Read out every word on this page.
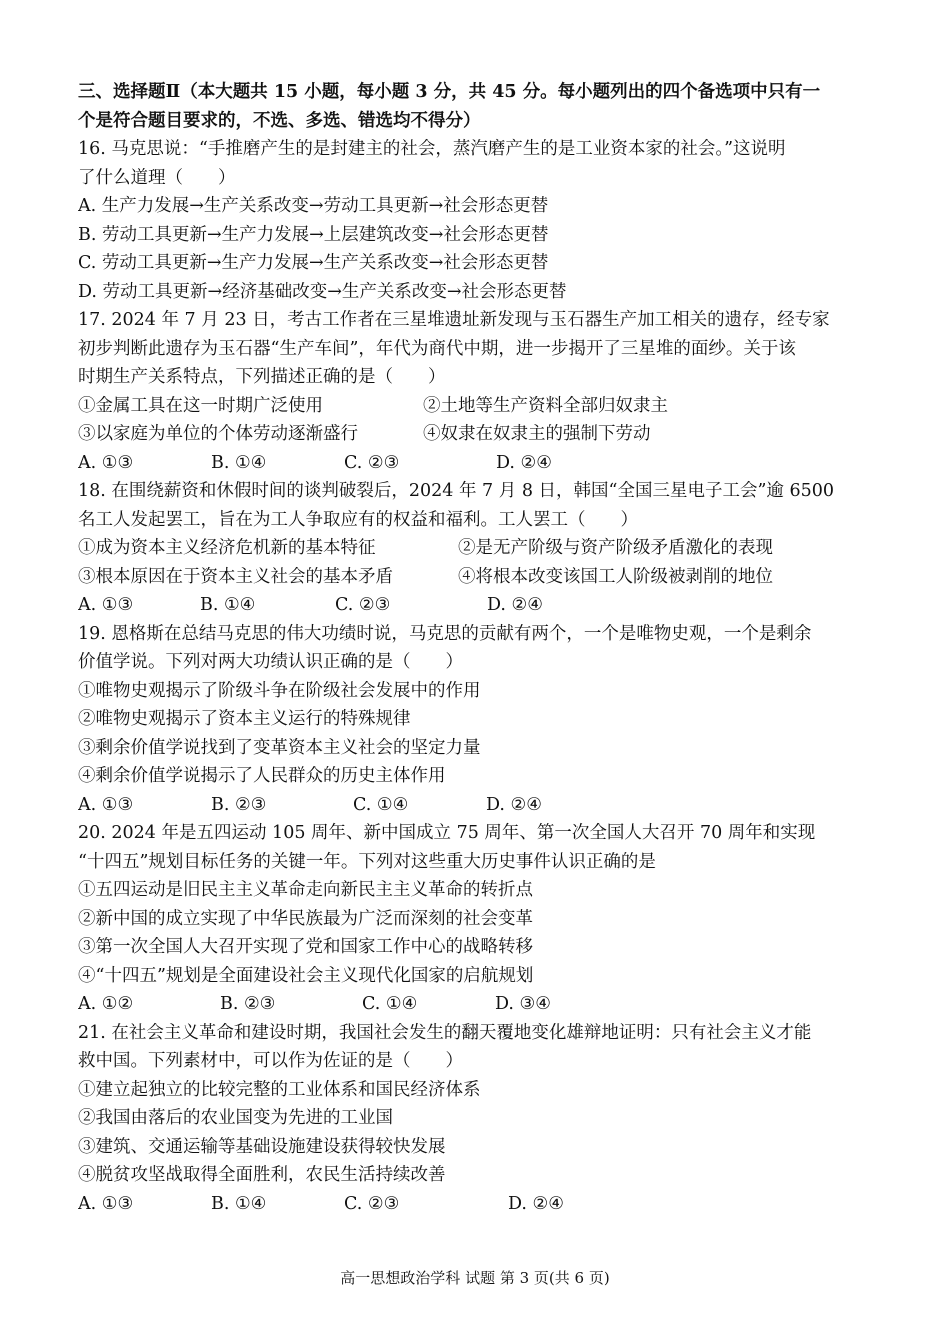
三、选择题Ⅱ（本大题共 15 小题，每小题 3 分，共 45 分。每小题列出的四个备选项中只有一
个是符合题目要求的，不选、多选、错选均不得分）
16. 马克思说：“手推磨产生的是封建主的社会，蒸汽磨产生的是工业资本家的社会。”这说明
了什么道理（　　）
A. 生产力发展→生产关系改变→劳动工具更新→社会形态更替
B. 劳动工具更新→生产力发展→上层建筑改变→社会形态更替
C. 劳动工具更新→生产力发展→生产关系改变→社会形态更替
D. 劳动工具更新→经济基础改变→生产关系改变→社会形态更替
17. 2024 年 7 月 23 日，考古工作者在三星堆遗址新发现与玉石器生产加工相关的遗存，经专家
初步判断此遗存为玉石器“生产车间”，年代为商代中期，进一步揭开了三星堆的面纱。关于该
时期生产关系特点，下列描述正确的是（　　）
①金属工具在这一时期广泛使用	②土地等生产资料全部归奴隶主
③以家庭为单位的个体劳动逐渐盛行	④奴隶在奴隶主的强制下劳动
A. ①③	B. ①④	C. ②③	D. ②④
18. 在围绕薪资和休假时间的谈判破裂后，2024 年 7 月 8 日，韩国“全国三星电子工会”逾 6500
名工人发起罢工，旨在为工人争取应有的权益和福利。工人罢工（　　）
①成为资本主义经济危机新的基本特征	②是无产阶级与资产阶级矛盾激化的表现
③根本原因在于资本主义社会的基本矛盾	④将根本改变该国工人阶级被剥削的地位
A. ①③	B. ①④	C. ②③	D. ②④
19. 恩格斯在总结马克思的伟大功绩时说，马克思的贡献有两个，一个是唯物史观，一个是剩余
价值学说。下列对两大功绩认识正确的是（　　）
①唯物史观揭示了阶级斗争在阶级社会发展中的作用
②唯物史观揭示了资本主义运行的特殊规律
③剩余价值学说找到了变革资本主义社会的坚定力量
④剩余价值学说揭示了人民群众的历史主体作用
A. ①③	B. ②③	C. ①④	D. ②④
20. 2024 年是五四运动 105 周年、新中国成立 75 周年、第一次全国人大召开 70 周年和实现
“十四五”规划目标任务的关键一年。下列对这些重大历史事件认识正确的是
①五四运动是旧民主主义革命走向新民主主义革命的转折点
②新中国的成立实现了中华民族最为广泛而深刻的社会变革
③第一次全国人大召开实现了党和国家工作中心的战略转移
④“十四五”规划是全面建设社会主义现代化国家的启航规划
A. ①②	B. ②③	C. ①④	D. ③④
21. 在社会主义革命和建设时期，我国社会发生的翻天覆地变化雄辩地证明：只有社会主义才能
救中国。下列素材中，可以作为佐证的是（　　）
①建立起独立的比较完整的工业体系和国民经济体系
②我国由落后的农业国变为先进的工业国
③建筑、交通运输等基础设施建设获得较快发展
④脱贫攻坚战取得全面胜利，农民生活持续改善
A. ①③	B. ①④	C. ②③	D. ②④
高一思想政治学科 试题 第 3 页(共 6 页)
